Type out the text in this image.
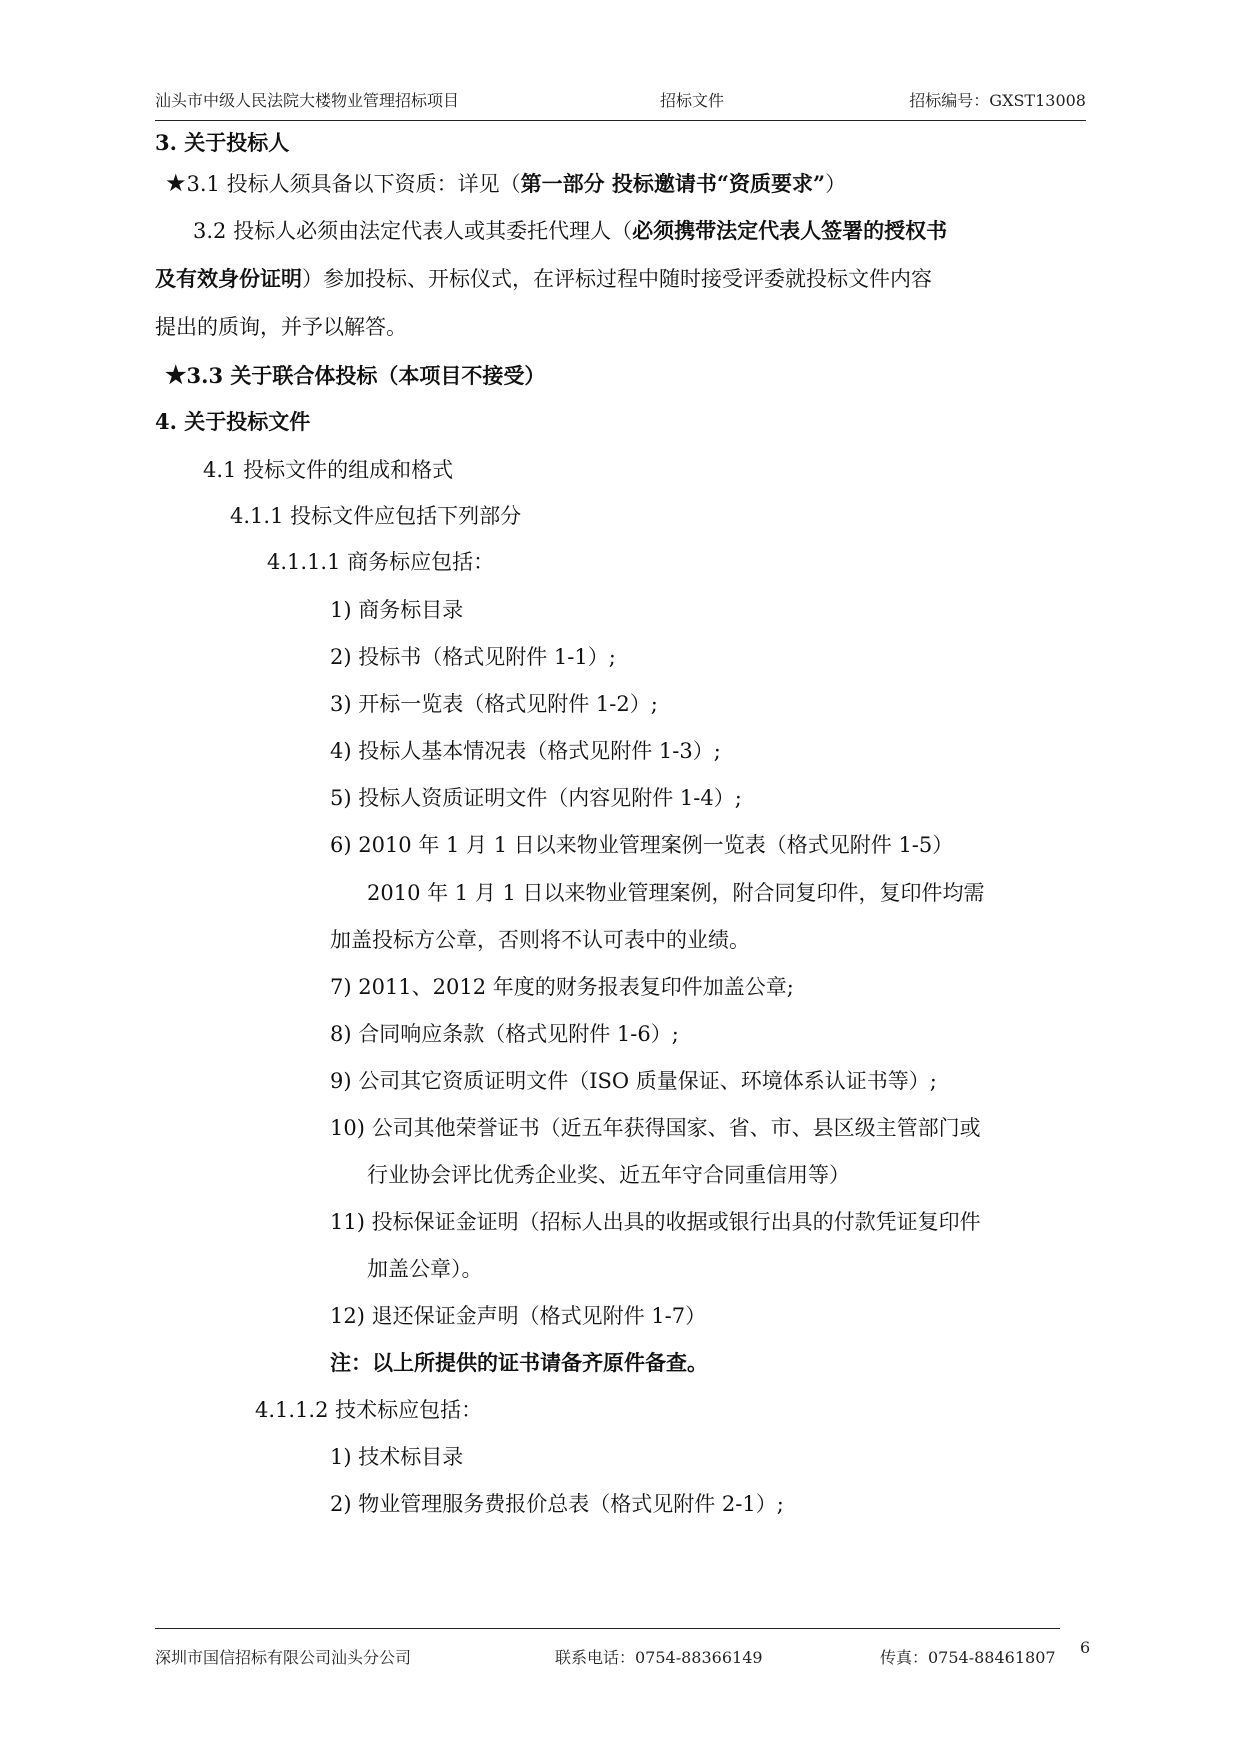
汕头市中级人民法院大楼物业管理招标项目	招标文件	招标编号：GXST13008
3. 关于投标人
★3.1 投标人须具备以下资质：详见（第一部分 投标邀请书“资质要求”）
3.2 投标人必须由法定代表人或其委托代理人（必须携带法定代表人签署的授权书
及有效身份证明）参加投标、开标仪式，在评标过程中随时接受评委就投标文件内容
提出的质询，并予以解答。
★3.3 关于联合体投标（本项目不接受）
4. 关于投标文件
4.1 投标文件的组成和格式
4.1.1 投标文件应包括下列部分
4.1.1.1 商务标应包括：
1) 商务标目录
2) 投标书（格式见附件 1-1）;
3) 开标一览表（格式见附件 1-2）;
4) 投标人基本情况表（格式见附件 1-3）;
5) 投标人资质证明文件（内容见附件 1-4）;
6) 2010 年 1 月 1 日以来物业管理案例一览表（格式见附件 1-5）
2010 年 1 月 1 日以来物业管理案例，附合同复印件，复印件均需
加盖投标方公章，否则将不认可表中的业绩。
7) 2011、2012 年度的财务报表复印件加盖公章;
8) 合同响应条款（格式见附件 1-6）;
9) 公司其它资质证明文件（ISO 质量保证、环境体系认证书等）;
10) 公司其他荣誉证书（近五年获得国家、省、市、县区级主管部门或
行业协会评比优秀企业奖、近五年守合同重信用等）
11) 投标保证金证明（招标人出具的收据或银行出具的付款凭证复印件
加盖公章）。
12) 退还保证金声明（格式见附件 1-7）
注：以上所提供的证书请备齐原件备查。
4.1.1.2 技术标应包括：
1) 技术标目录
2) 物业管理服务费报价总表（格式见附件 2-1）;
深圳市国信招标有限公司汕头分公司	联系电话：0754-88366149	传真：0754-88461807
6
